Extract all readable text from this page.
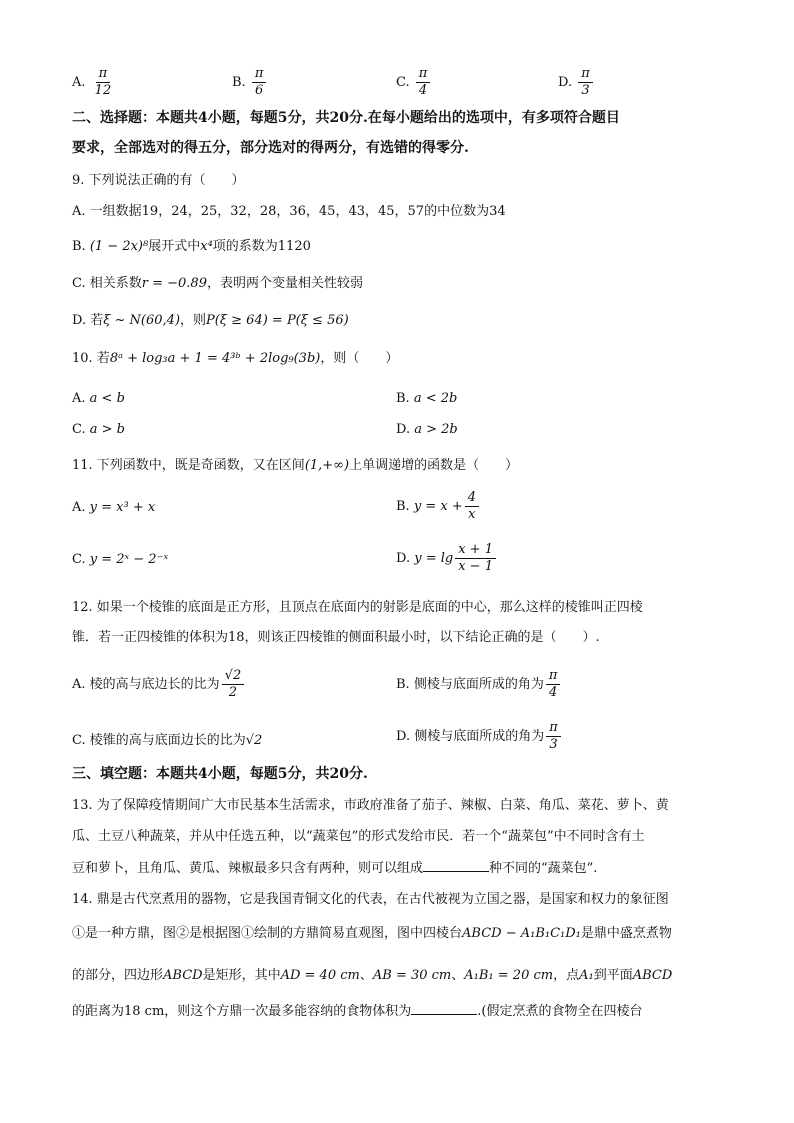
A. $\frac{\pi}{12}$	B. $\frac{\pi}{6}$	C. $\frac{\pi}{4}$	D. $\frac{\pi}{3}$
二、选择题：本题共4小题，每题5分，共20分.在每小题给出的选项中，有多项符合题目
要求，全部选对的得五分，部分选对的得两分，有选错的得零分.
9. 下列说法正确的有（　　）
A. 一组数据19，24，25，32，28，36，45，43，45，57的中位数为34
B. (1 − 2x)⁸展开式中x⁴项的系数为1120
C. 相关系数r = −0.89，表明两个变量相关性较弱
D. 若ξ ~ N(60,4)，则P(ξ ≥ 64) = P(ξ ≤ 56)
10. 若8ᵃ + log₃a + 1 = 4³ᵇ + 2log₉(3b)，则（　　）
A. a < b	B. a < 2b
C. a > b	D. a > 2b
11. 下列函数中，既是奇函数，又在区间(1,+∞)上单调递增的函数是（　　）
A. y = x³ + x	B. $y = x + \frac{4}{x}$
C. y = 2ˣ − 2⁻ˣ	D. $y = \lg \frac{x + 1}{x - 1}$
12. 如果一个棱锥的底面是正方形，且顶点在底面内的射影是底面的中心，那么这样的棱锥叫正四棱
锥．若一正四棱锥的体积为18，则该正四棱锥的侧面积最小时，以下结论正确的是（　　）.
A. 棱的高与底边长的比为 $\frac{√2}{2}$	B. 侧棱与底面所成的角为 $\frac{\pi}{4}$
C. 棱锥的高与底面边长的比为√2	D. 侧棱与底面所成的角为 $\frac{\pi}{3}$
三、填空题：本题共4小题，每题5分，共20分.
13. 为了保障疫情期间广大市民基本生活需求，市政府准备了茄子、辣椒、白菜、角瓜、菜花、萝卜、黄
瓜、土豆八种蔬菜，并从中任选五种，以“蔬菜包”的形式发给市民．若一个“蔬菜包”中不同时含有土
豆和萝卜，且角瓜、黄瓜、辣椒最多只含有两种，则可以组成	种不同的“蔬菜包”.
14. 鼎是古代烹煮用的器物，它是我国青铜文化的代表，在古代被视为立国之器，是国家和权力的象征图
①是一种方鼎，图②是根据图①绘制的方鼎简易直观图，图中四棱台ABCD − A₁B₁C₁D₁是鼎中盛烹煮物
的部分，四边形ABCD是矩形，其中AD = 40 cm、AB = 30 cm、A₁B₁ = 20 cm，点A₁到平面ABCD
的距离为18 cm，则这个方鼎一次最多能容纳的食物体积为	.(假定烹煮的食物全在四棱台
